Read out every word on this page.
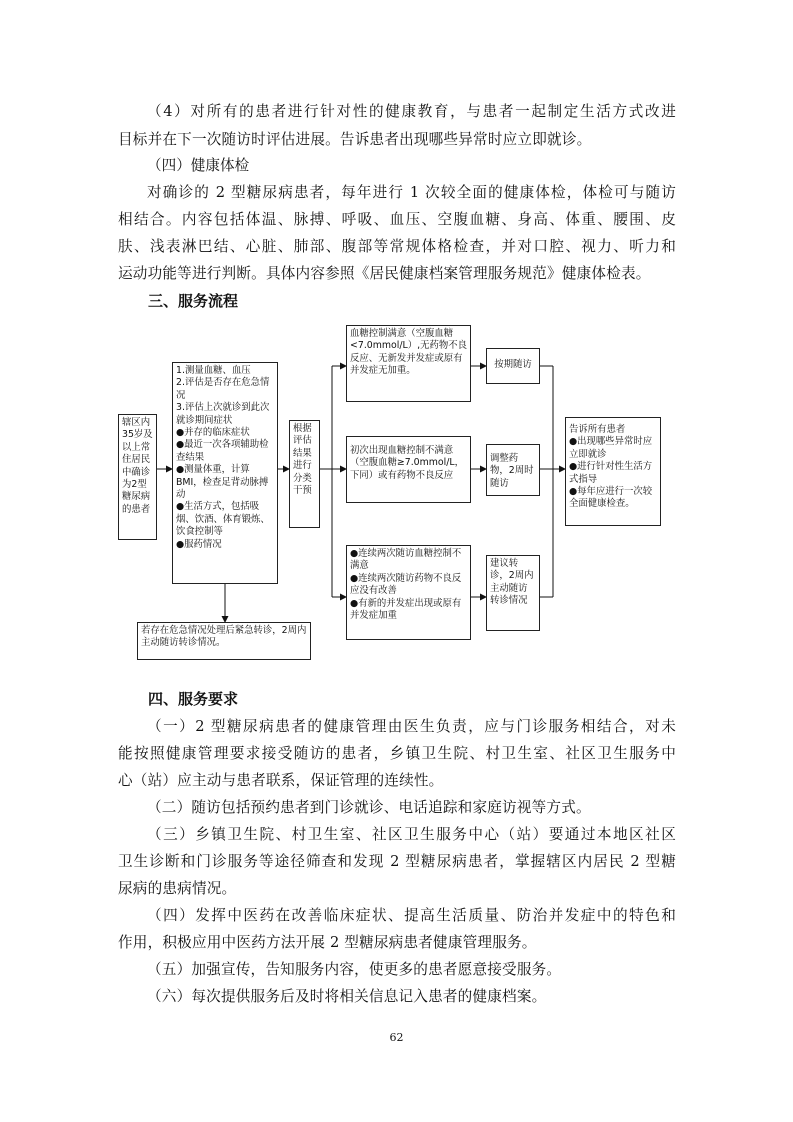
（4）对所有的患者进行针对性的健康教育，与患者一起制定生活方式改进
目标并在下一次随访时评估进展。告诉患者出现哪些异常时应立即就诊。
（四）健康体检
对确诊的 2 型糖尿病患者，每年进行 1 次较全面的健康体检，体检可与随访
相结合。内容包括体温、脉搏、呼吸、血压、空腹血糖、身高、体重、腰围、皮
肤、浅表淋巴结、心脏、肺部、腹部等常规体格检查，并对口腔、视力、听力和
运动功能等进行判断。具体内容参照《居民健康档案管理服务规范》健康体检表。
三、服务流程
辖区内35岁及以上常住居民中确诊为2型糖尿病的患者
1.测量血糖、血压
2.评估是否存在危急情况
3.评估上次就诊到此次就诊期间症状
●并存的临床症状
●最近一次各项辅助检查结果
●测量体重，计算BMI，检查足背动脉搏动
●生活方式，包括吸烟、饮酒、体育锻炼、饮食控制等
●服药情况
若存在危急情况处理后紧急转诊，2周内主动随访转诊情况。
根据评估结果进行分类干预
血糖控制满意（空腹血糖<7.0mmol/L）,无药物不良反应、无新发并发症或原有并发症无加重。
初次出现血糖控制不满意（空腹血糖≥7.0mmol/L，下同）或有药物不良反应
●连续两次随访血糖控制不满意
●连续两次随访药物不良反应没有改善
●有新的并发症出现或原有并发症加重
按期随访
调整药物，2周时随访
建议转诊，2周内主动随访转诊情况
告诉所有患者
●出现哪些异常时应立即就诊
●进行针对性生活方式指导
●每年应进行一次较全面健康检查。
四、服务要求
（一）2 型糖尿病患者的健康管理由医生负责，应与门诊服务相结合，对未
能按照健康管理要求接受随访的患者，乡镇卫生院、村卫生室、社区卫生服务中
心（站）应主动与患者联系，保证管理的连续性。
（二）随访包括预约患者到门诊就诊、电话追踪和家庭访视等方式。
（三）乡镇卫生院、村卫生室、社区卫生服务中心（站）要通过本地区社区
卫生诊断和门诊服务等途径筛查和发现 2 型糖尿病患者，掌握辖区内居民 2 型糖
尿病的患病情况。
（四）发挥中医药在改善临床症状、提高生活质量、防治并发症中的特色和
作用，积极应用中医药方法开展 2 型糖尿病患者健康管理服务。
（五）加强宣传，告知服务内容，使更多的患者愿意接受服务。
（六）每次提供服务后及时将相关信息记入患者的健康档案。
62
